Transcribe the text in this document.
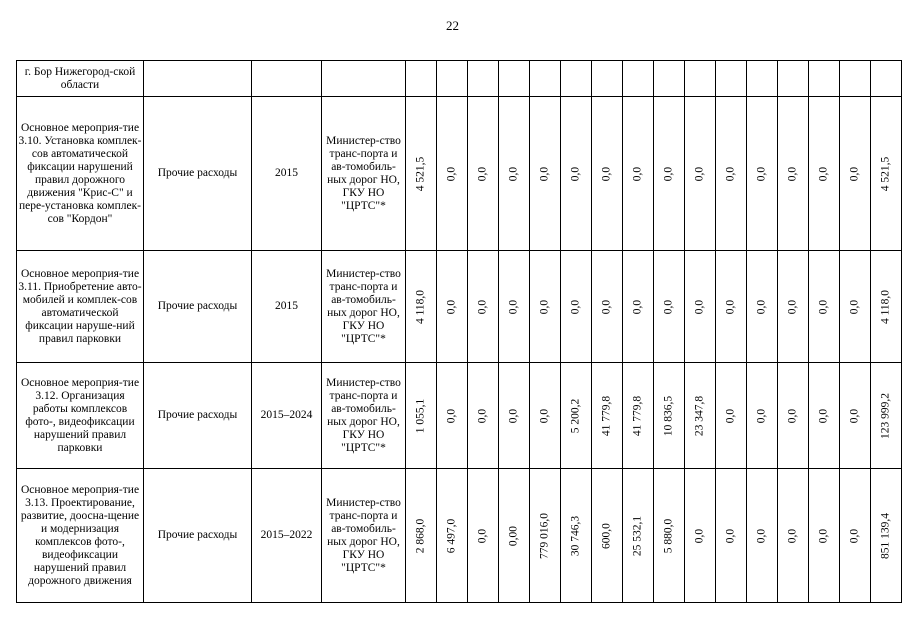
22
г. Бор Нижегород-ской области																			
Основное мероприя-тие 3.10. Установка комплек-сов автоматической фиксации нарушений правил дорожного движения "Крис-С" и пере-установка комплек-сов "Кордон"	Прочие расходы	2015	Министер-ство транс-порта и ав-томобиль-ных дорог НО, ГКУ НО "ЦРТС"*	4 521,5	0,0	0,0	0,0	0,0	0,0	0,0	0,0	0,0	0,0	0,0	0,0	0,0	0,0	0,0	4 521,5

Основное мероприя-тие 3.11. Приобретение авто-мобилей и комплек-сов автоматической фиксации наруше-ний правил парковки	Прочие расходы	2015	Министер-ство транс-порта и ав-томобиль-ных дорог НО, ГКУ НО "ЦРТС"*	4 118,0	0,0	0,0	0,0	0,0	0,0	0,0	0,0	0,0	0,0	0,0	0,0	0,0	0,0	0,0	4 118,0

Основное мероприя-тие 3.12. Организация работы комплексов фото-, видеофиксации нарушений правил парковки	Прочие расходы	2015–2024	Министер-ство транс-порта и ав-томобиль-ных дорог НО, ГКУ НО "ЦРТС"*	1 055,1	0,0	0,0	0,0	0,0	5 200,2	41 779,8	41 779,8	10 836,5	23 347,8	0,0	0,0	0,0	0,0	0,0	123 999,2

Основное мероприя-тие 3.13. Проектирование, развитие, доосна-щение и модернизация комплексов фото-, видеофиксации нарушений правил дорожного движения	Прочие расходы	2015–2022	Министер-ство транс-порта и ав-томобиль-ных дорог НО, ГКУ НО "ЦРТС"*	2 868,0	6 497,0	0,0	0,00	779 016,0	30 746,3	600,0	25 532,1	5 880,0	0,0	0,0	0,0	0,0	0,0	0,0	851 139,4
